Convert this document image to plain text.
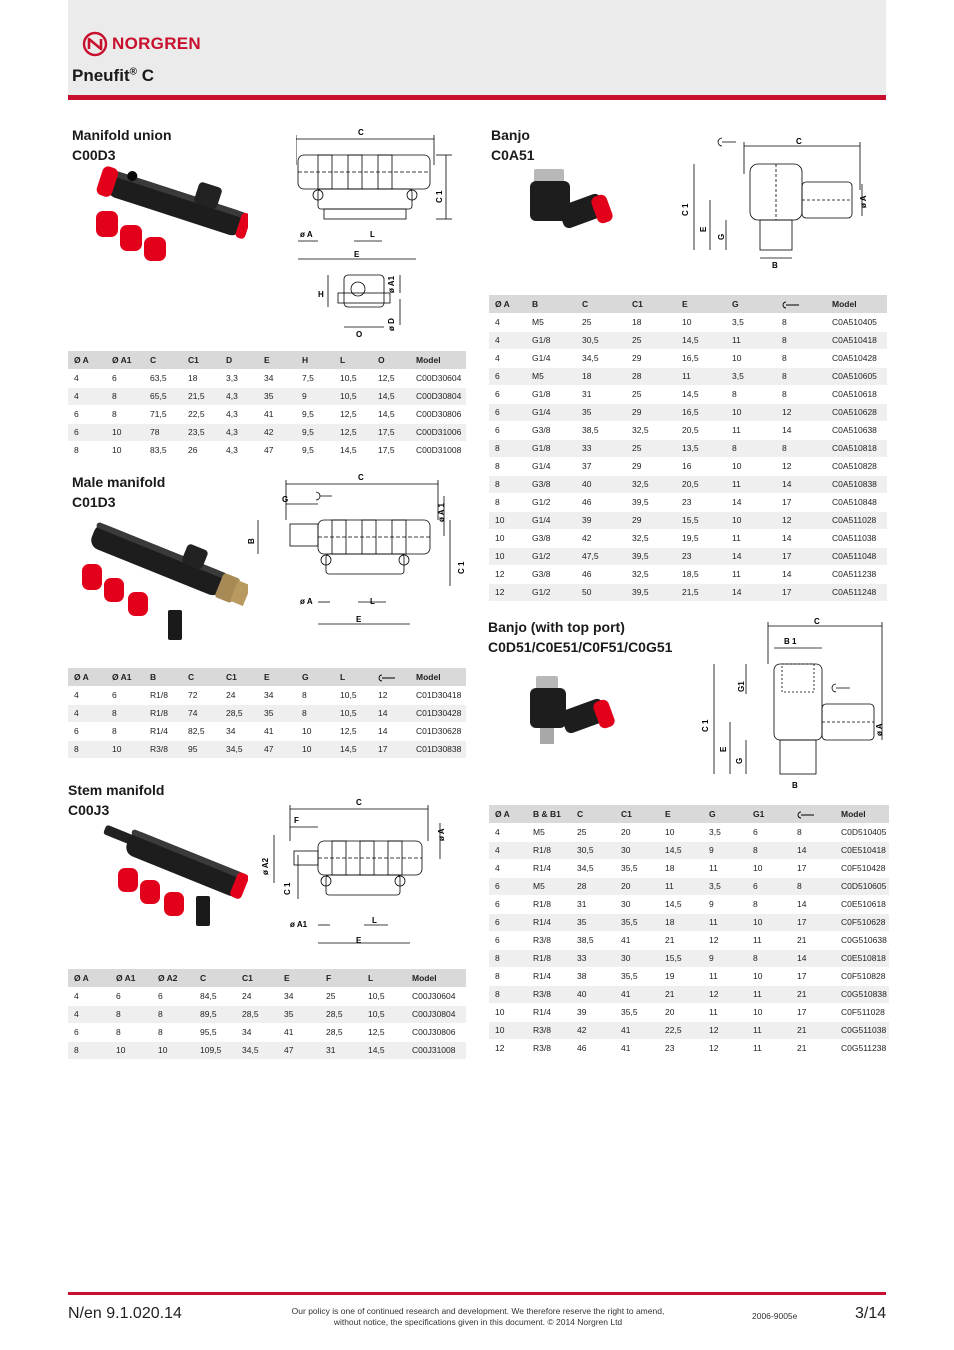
NORGREN
Pneufit® C
Manifold union
C00D3
C
C 1
ø A	L
E
H
ø A1
ø D
O
Ø A	Ø A1	C	C1	D	E	H	L	O	Model
4	6	63,5	18	3,3	34	7,5	10,5	12,5	C00D30604
4	8	65,5	21,5	4,3	35	9	10,5	14,5	C00D30804
6	8	71,5	22,5	4,3	41	9,5	12,5	14,5	C00D30806
6	10	78	23,5	4,3	42	9,5	12,5	17,5	C00D31006
8	10	83,5	26	4,3	47	9,5	14,5	17,5	C00D31008
Male manifold
C01D3
C
G
ø A 1
B
C 1
ø A	L
E
Ø A	Ø A1	B	C	C1	E	G	L		Model
4	6	R1/8	72	24	34	8	10,5	12	C01D30418
4	8	R1/8	74	28,5	35	8	10,5	14	C01D30428
6	8	R1/4	82,5	34	41	10	12,5	14	C01D30628
8	10	R3/8	95	34,5	47	10	14,5	17	C01D30838
Stem manifold
C00J3	C
F
ø A2
C 1
ø A
ø A1	L
E
Ø A	Ø A1	Ø A2	C	C1	E	F	L	Model
4	6	6	84,5	24	34	25	10,5	C00J30604
4	8	8	89,5	28,5	35	28,5	10,5	C00J30804
6	8	8	95,5	34	41	28,5	12,5	C00J30806
8	10	10	109,5	34,5	47	31	14,5	C00J31008
Banjo
C0A51
C
C 1
E
G
ø A
B
Ø A	B	C	C1	E	G		Model
4	M5	25	18	10	3,5	8	C0A510405
4	G1/8	30,5	25	14,5	11	8	C0A510418
4	G1/4	34,5	29	16,5	10	8	C0A510428
6	M5	18	28	11	3,5	8	C0A510605
6	G1/8	31	25	14,5	8	8	C0A510618
6	G1/4	35	29	16,5	10	12	C0A510628
6	G3/8	38,5	32,5	20,5	11	14	C0A510638
8	G1/8	33	25	13,5	8	8	C0A510818
8	G1/4	37	29	16	10	12	C0A510828
8	G3/8	40	32,5	20,5	11	14	C0A510838
8	G1/2	46	39,5	23	14	17	C0A510848
10	G1/4	39	29	15,5	10	12	C0A511028
10	G3/8	42	32,5	19,5	11	14	C0A511038
10	G1/2	47,5	39,5	23	14	17	C0A511048
12	G3/8	46	32,5	18,5	11	14	C0A511238
12	G1/2	50	39,5	21,5	14	17	C0A511248
Banjo (with top port)
C0D51/C0E51/C0F51/C0G51
C
B 1
G1
C 1
E
G
ø A
B
Ø A	B & B1	C	C1	E	G	G1		Model
4	M5	25	20	10	3,5	6	8	C0D510405
4	R1/8	30,5	30	14,5	9	8	14	C0E510418
4	R1/4	34,5	35,5	18	11	10	17	C0F510428
6	M5	28	20	11	3,5	6	8	C0D510605
6	R1/8	31	30	14,5	9	8	14	C0E510618
6	R1/4	35	35,5	18	11	10	17	C0F510628
6	R3/8	38,5	41	21	12	11	21	C0G510638
8	R1/8	33	30	15,5	9	8	14	C0E510818
8	R1/4	38	35,5	19	11	10	17	C0F510828
8	R3/8	40	41	21	12	11	21	C0G510838
10	R1/4	39	35,5	20	11	10	17	C0F511028
10	R3/8	42	41	22,5	12	11	21	C0G511038
12	R3/8	46	41	23	12	11	21	C0G511238
N/en 9.1.020.14	Our policy is one of continued research and development. We therefore reserve the right to amend,
without notice, the specifications given in this document. © 2014 Norgren Ltd
2006-9005e	3/14
